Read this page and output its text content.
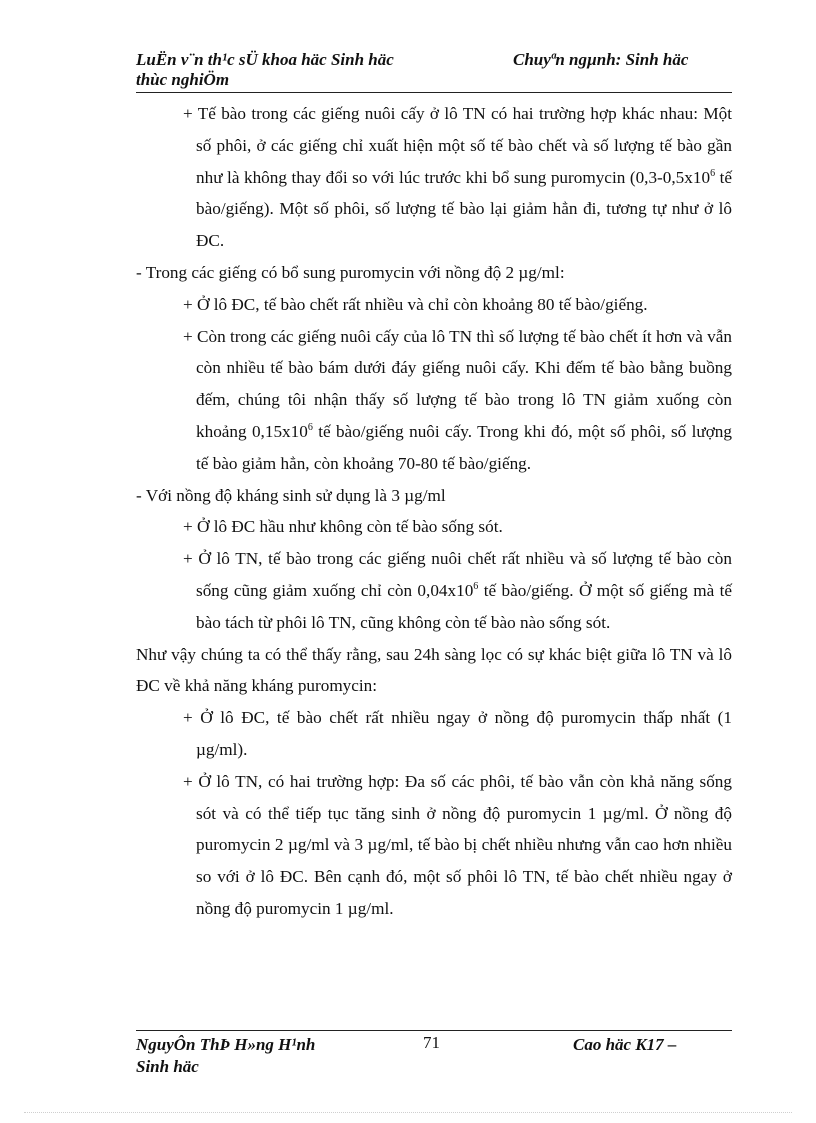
LuËn v¨n th¹c sÜ khoa häc Sinh häc
thùc nghiÖm
Chuyªn ngµnh: Sinh häc

+ Tế bào trong các giếng nuôi cấy ở lô TN có hai trường hợp khác nhau: Một số phôi, ở các giếng chỉ xuất hiện một số tế bào chết và số lượng tế bào gần như là không thay đổi so với lúc trước khi bổ sung puromycin ($0,3-0,5x10^6$ tế bào/giếng). Một số phôi, số lượng tế bào lại giảm hẳn đi, tương tự như ở lô ĐC.

- Trong các giếng có bổ sung puromycin với nồng độ 2 µg/ml:

+ Ở lô ĐC, tế bào chết rất nhiều và chỉ còn khoảng 80 tế bào/giếng.

+ Còn trong các giếng nuôi cấy của lô TN thì số lượng tế bào chết ít hơn và vẫn còn nhiều tế bào bám dưới đáy giếng nuôi cấy. Khi đếm tế bào bằng buồng đếm, chúng tôi nhận thấy số lượng tế bào trong lô TN giảm xuống còn khoảng $0,15x10^6$ tế bào/giếng nuôi cấy. Trong khi đó, một số phôi, số lượng tế bào giảm hẳn, còn khoảng 70-80 tế bào/giếng.

- Với nồng độ kháng sinh sử dụng là 3 µg/ml

+ Ở lô ĐC hầu như không còn tế bào sống sót.

+ Ở lô TN, tế bào trong các giếng nuôi chết rất nhiều và số lượng tế bào còn sống cũng giảm xuống chỉ còn $0,04x10^6$ tế bào/giếng. Ở một số giếng mà tế bào tách từ phôi lô TN, cũng không còn tế bào nào sống sót.

Như vậy chúng ta có thể thấy rằng, sau 24h sàng lọc có sự khác biệt giữa lô TN và lô ĐC về khả năng kháng puromycin:

+ Ở lô ĐC, tế bào chết rất nhiều ngay ở nồng độ puromycin thấp nhất (1 µg/ml).

+ Ở lô TN, có hai trường hợp: Đa số các phôi, tế bào vẫn còn khả năng sống sót và có thể tiếp tục tăng sinh ở nồng độ puromycin 1 µg/ml. Ở nồng độ puromycin 2 µg/ml và 3 µg/ml, tế bào bị chết nhiều nhưng vẫn cao hơn nhiều so với ở lô ĐC. Bên cạnh đó, một số phôi lô TN, tế bào chết nhiều ngay ở nồng độ puromycin 1 µg/ml.

NguyÔn ThÞ H»ng H¹nh
Sinh häc
71	Cao häc K17 –
